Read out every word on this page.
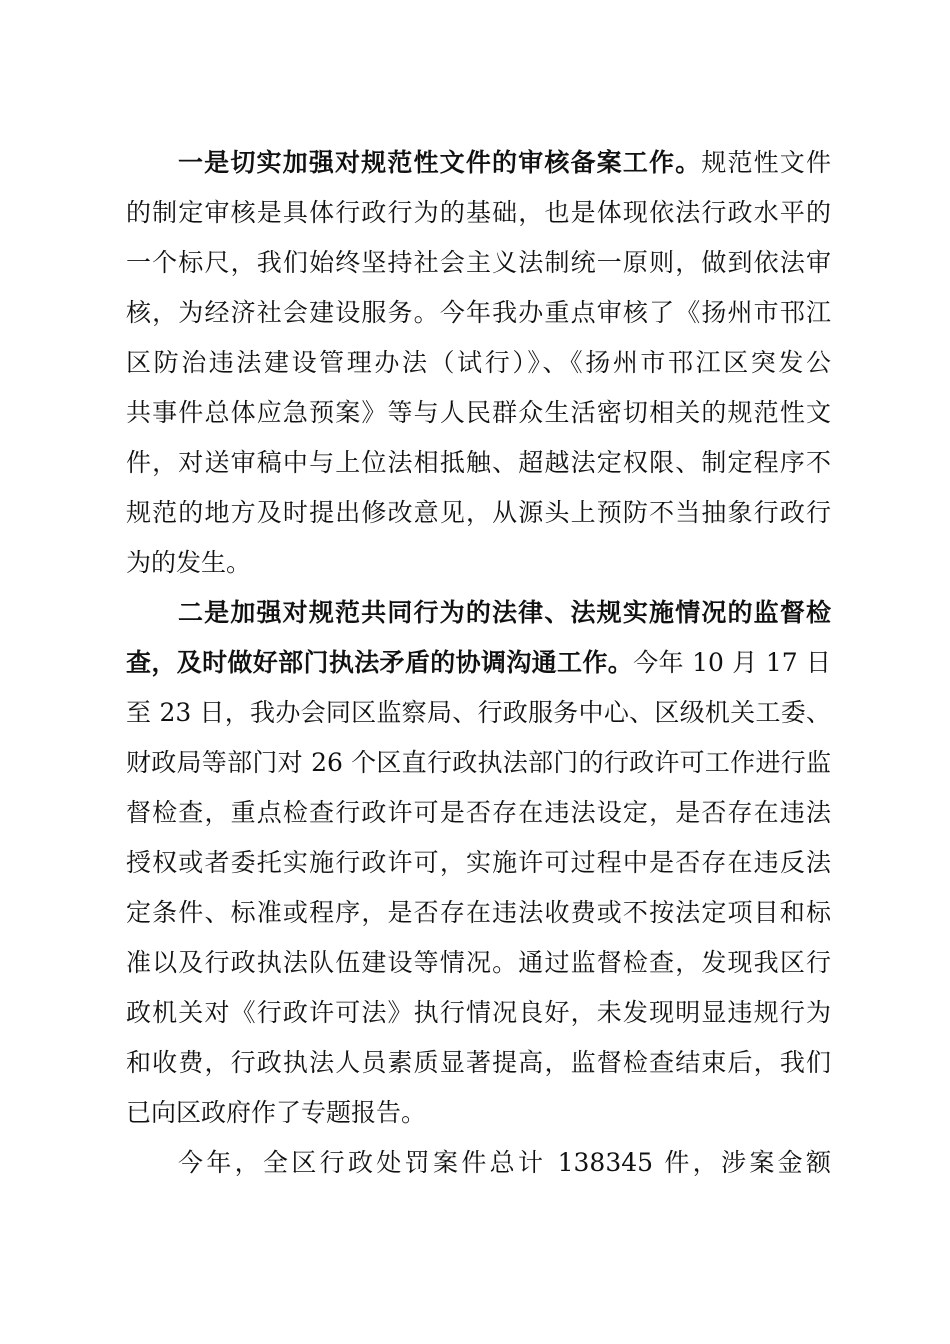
一是切实加强对规范性文件的审核备案工作。规范性文件
的制定审核是具体行政行为的基础，也是体现依法行政水平的
一个标尺，我们始终坚持社会主义法制统一原则，做到依法审
核，为经济社会建设服务。今年我办重点审核了《扬州市邗江
区防治违法建设管理办法（试行）》、《扬州市邗江区突发公
共事件总体应急预案》等与人民群众生活密切相关的规范性文
件，对送审稿中与上位法相抵触、超越法定权限、制定程序不
规范的地方及时提出修改意见，从源头上预防不当抽象行政行
为的发生。
二是加强对规范共同行为的法律、法规实施情况的监督检
查，及时做好部门执法矛盾的协调沟通工作。今年 10 月 17 日
至 23 日，我办会同区监察局、行政服务中心、区级机关工委、
财政局等部门对 26 个区直行政执法部门的行政许可工作进行监
督检查，重点检查行政许可是否存在违法设定，是否存在违法
授权或者委托实施行政许可，实施许可过程中是否存在违反法
定条件、标准或程序，是否存在违法收费或不按法定项目和标
准以及行政执法队伍建设等情况。通过监督检查，发现我区行
政机关对《行政许可法》执行情况良好，未发现明显违规行为
和收费，行政执法人员素质显著提高，监督检查结束后，我们
已向区政府作了专题报告。
今年，全区行政处罚案件总计 138345 件，涉案金额
